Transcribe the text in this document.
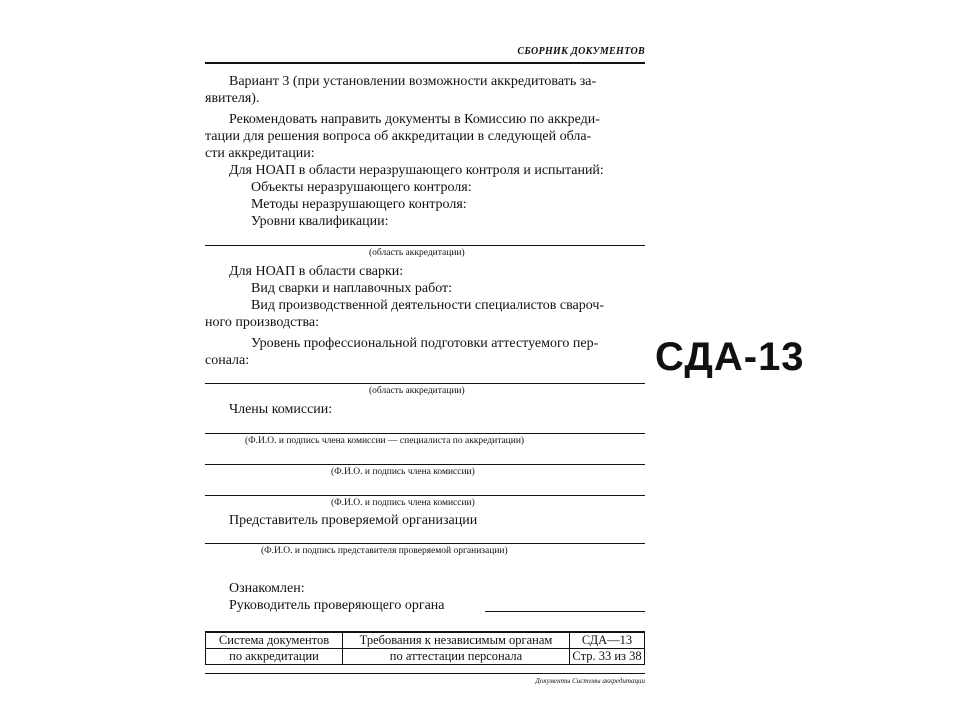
СБОРНИК ДОКУМЕНТОВ
Вариант 3 (при установлении возможности аккредитовать за-
явителя).
Рекомендовать направить документы в Комиссию по аккреди-
тации для решения вопроса об аккредитации в следующей обла-
сти аккредитации:
Для НОАП в области неразрушающего контроля и испытаний:
Объекты неразрушающего контроля:
Методы неразрушающего контроля:
Уровни квалификации:
(область аккредитации)
Для НОАП в области сварки:
Вид сварки и наплавочных работ:
Вид производственной деятельности специалистов свароч-
ного производства:
Уровень профессиональной подготовки аттестуемого пер-
сонала:
(область аккредитации)
Члены комиссии:
(Ф.И.О. и подпись члена комиссии — специалиста по аккредитации)
(Ф.И.О. и подпись члена комиссии)
(Ф.И.О. и подпись члена комиссии)
Представитель проверяемой организации
(Ф.И.О. и подпись представителя проверяемой организации)
Ознакомлен:
Руководитель проверяющего органа
Система документов	Требования к независимым органам	СДА—13
по аккредитации	по аттестации персонала	Стр. 33 из 38
Документы Системы аккредитации
СДА-13
